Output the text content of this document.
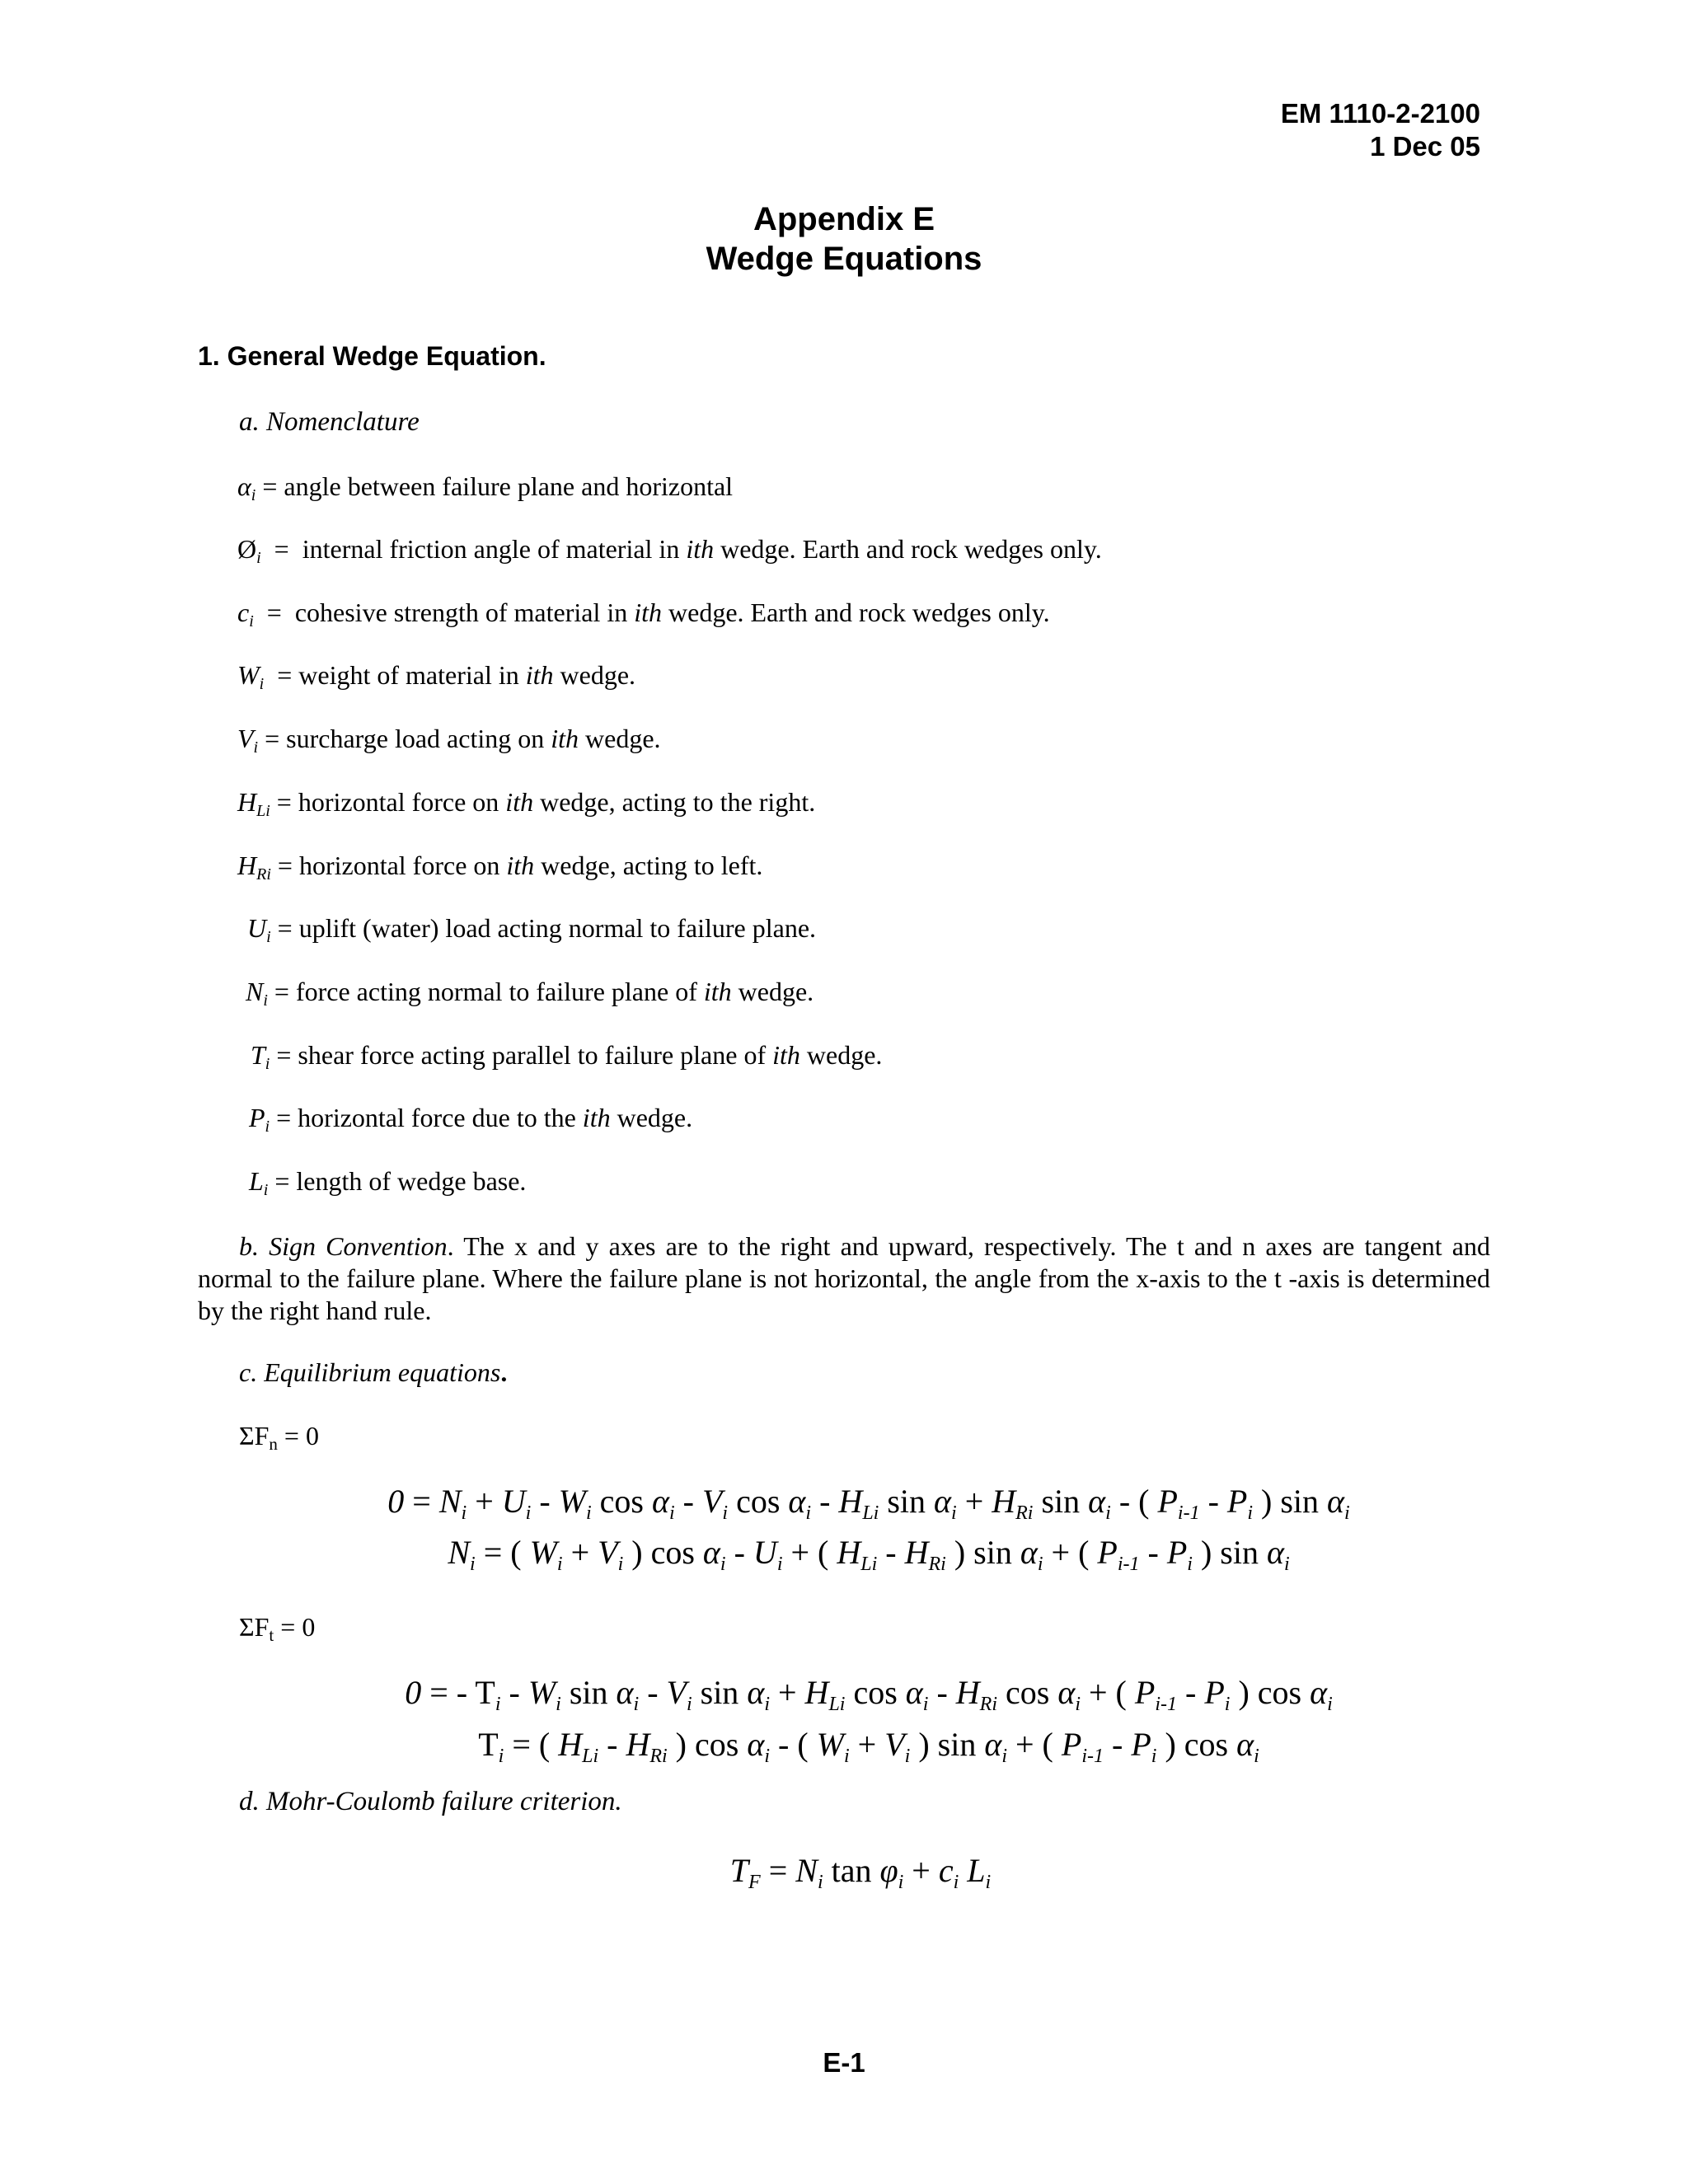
EM 1110-2-2100
1 Dec 05
Appendix E
Wedge Equations
1. General Wedge Equation.
a. Nomenclature
$\alpha_i$ = angle between failure plane and horizontal
$Ø_i$  =  internal friction angle of material in ith wedge. Earth and rock wedges only.
$c_i$  =  cohesive strength of material in ith wedge. Earth and rock wedges only.
$W_i$  = weight of material in ith wedge.
$V_i$ = surcharge load acting on ith wedge.
$H_{Li}$ = horizontal force on ith wedge, acting to the right.
$H_{Ri}$ = horizontal force on ith wedge, acting to left.
$U_i$ = uplift (water) load acting normal to failure plane.
$N_i$ = force acting normal to failure plane of ith wedge.
$T_i$ = shear force acting parallel to failure plane of ith wedge.
$P_i$ = horizontal force due to the ith wedge.
$L_i$ = length of wedge base.
b. Sign Convention. The x and y axes are to the right and upward, respectively. The t and n axes are tangent and normal to the failure plane. Where the failure plane is not horizontal, the angle from the x-axis to the t -axis is determined by the right hand rule.
c. Equilibrium equations.
$\Sigma F_n = 0$
$0 = N_i + U_i - W_i$ $\cos \alpha_i - V_i$ $\cos \alpha_i - H_{Li}$ $\sin \alpha_i + H_{Ri}$ $\sin \alpha_i$ - ( $P_{i-1} - P_i$ ) $\sin \alpha_i$
$N_i$ = ( $W_i + V_i$ ) $\cos \alpha_i - U_i$ + ( $H_{Li} - H_{Ri}$ ) $\sin \alpha_i$ + ( $P_{i-1} - P_i$ ) $\sin \alpha_i$
$\Sigma F_t = 0$
0 = - $T_i - W_i$ $\sin \alpha_i - V_i$ $\sin \alpha_i + H_{Li}$ $\cos \alpha_i - H_{Ri}$ $\cos \alpha_i$ + ( $P_{i-1} - P_i$ ) $\cos \alpha_i$
$T_i$ = ( $H_{Li} - H_{Ri}$ ) $\cos \alpha_i$ - ( $W_i + V_i$ ) $\sin \alpha_i$ + ( $P_{i-1} - P_i$ ) $\cos \alpha_i$
d. Mohr-Coulomb failure criterion.
$T_F = N_i$ $\tan \varphi_i + c_i$ $L_i$
E-1
